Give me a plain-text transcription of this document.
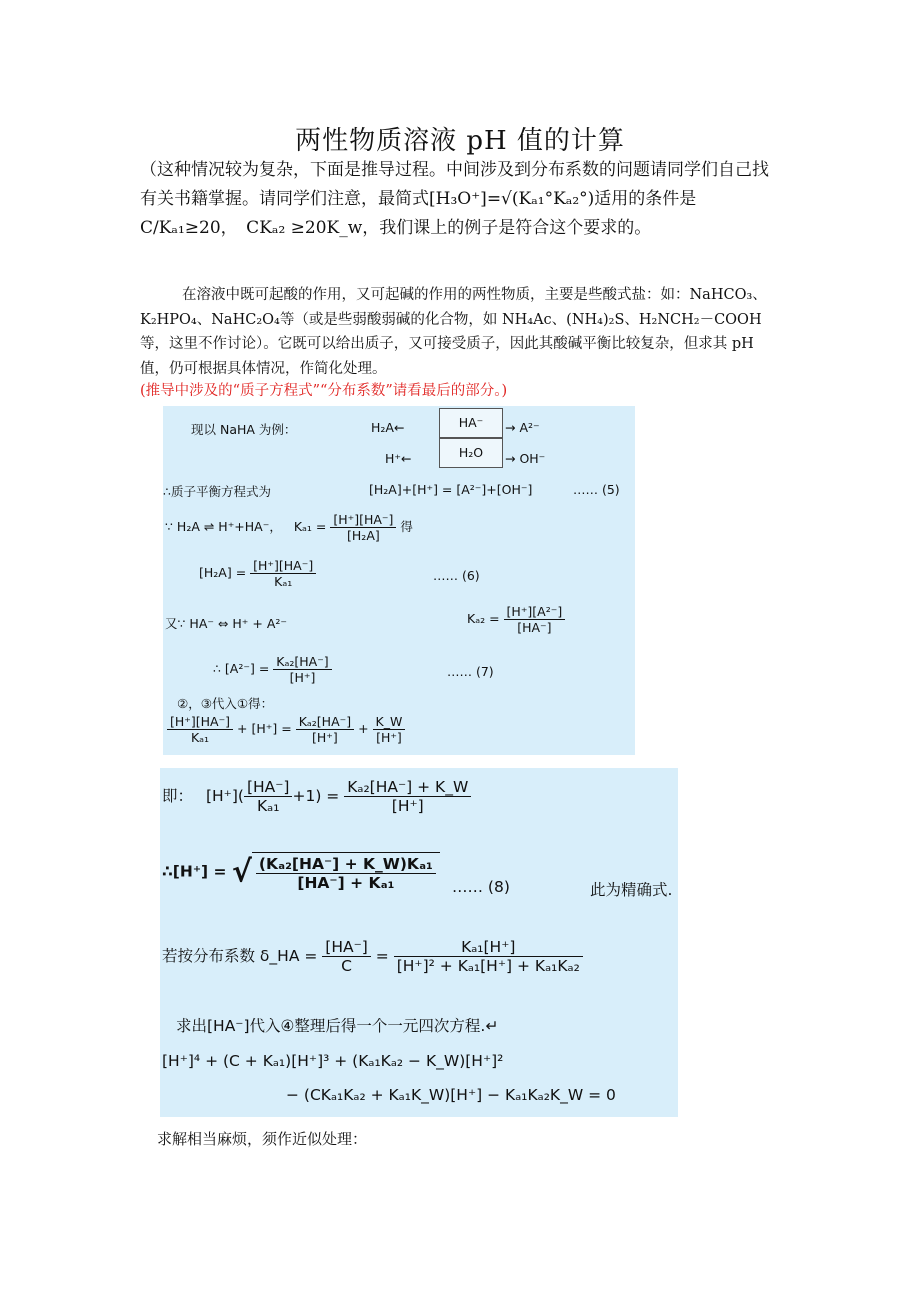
两性物质溶液 pH 值的计算
（这种情况较为复杂，下面是推导过程。中间涉及到分布系数的问题请同学们自己找有关书籍掌握。请同学们注意，最简式[H₃O⁺]=√(Kₐ₁°Kₐ₂°)适用的条件是 C/Kₐ₁≥20，　CKₐ₂ ≥20K_w，我们课上的例子是符合这个要求的。
在溶液中既可起酸的作用，又可起碱的作用的两性物质，主要是些酸式盐：如：NaHCO₃、K₂HPO₄、NaHC₂O₄等（或是些弱酸弱碱的化合物，如 NH₄Ac、(NH₄)₂S、H₂NCH₂－COOH 等，这里不作讨论）。它既可以给出质子，又可接受质子，因此其酸碱平衡比较复杂，但求其 pH 值，仍可根据具体情况，作简化处理。
(推导中涉及的“质子方程式”“分布系数”请看最后的部分。)
现以 NaHA 为例：	H₂A←
H⁺←
HA⁻
H₂O
→ A²⁻
→ OH⁻
∴质子平衡方程式为	[H₂A]+[H⁺] = [A²⁻]+[OH⁻]	…… (5)
∵ H₂A ⇌ H⁺+HA⁻， $K_{a1} = \frac{[H^+][HA^-]}{\text{[H₂A]}}$ 得
$[H_2A] = \frac{[H^+][HA^-]}{\text{Kₐ₁}}$	…… (6)
又∵ HA⁻ ⇔ H⁺ + A²⁻	$K_{a2} = \frac{\text{[H⁺][A²⁻]}}{[HA^-]}$
∴ $[A^{2-}] = \frac{\text{Kₐ₂[HA⁻]}}{[H^+]}$	…… (7)
②，③代入①得：
$\frac{[H^+][HA^-]}{\text{Kₐ₁}} + [H^+] = \frac{\text{Kₐ₂[HA⁻]}}{[H^+]} + \frac{K\_W}{[H^+]}$
即： $[H^+]( \frac{[HA^-]}{\text{Kₐ₁}} +1) = \frac{\text{Kₐ₂[HA⁻] + K\_W}}{[H^+]}$
∴[H⁺] = √ $\frac{\text{(Kₐ₂[HA⁻] + K\_W)Kₐ₁}}{\text{[HA⁻] + Kₐ₁}}$ …… (8)	此为精确式.
若按分布系数 δ_HA = $\frac{[HA^-]}{C} = \frac{\text{Kₐ₁[H⁺]}}{\text{[H⁺]² + Kₐ₁[H⁺] + Kₐ₁Kₐ₂}}$
求出[HA⁻]代入④整理后得一个一元四次方程.↵
[H⁺]⁴ + (C + Kₐ₁)[H⁺]³ + (Kₐ₁Kₐ₂ − K_W)[H⁺]²
− (CKₐ₁Kₐ₂ + Kₐ₁K_W)[H⁺] − Kₐ₁Kₐ₂K_W = 0
求解相当麻烦，须作近似处理：
